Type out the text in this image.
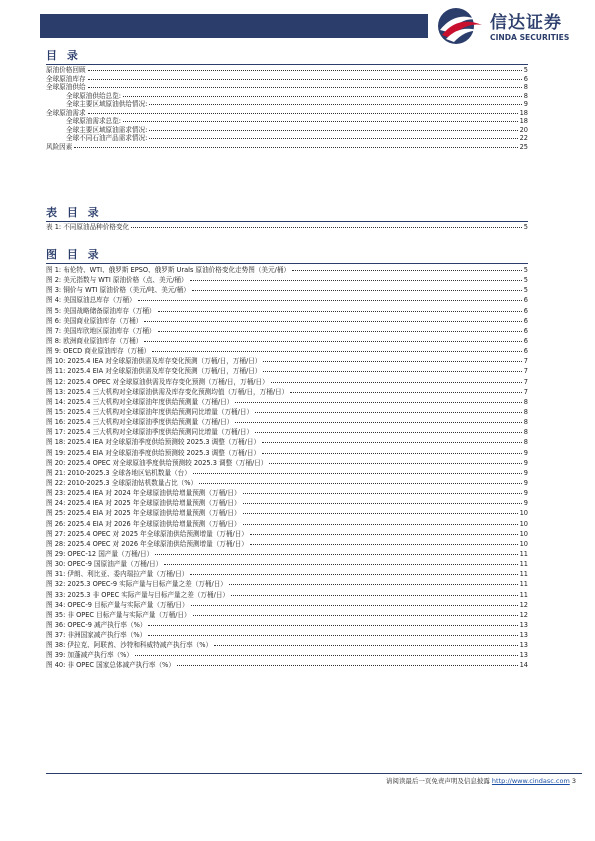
信达证券
CINDA SECURITIES
目 录
原油价格回顾	5
全球原油库存	6
全球原油供给	8
全球原油供给总览:	8
全球主要区域原油供给情况:	9
全球原油需求	18
全球原油需求总览:	18
全球主要区域原油需求情况:	20
全球不同石油产品需求情况:	22
风险因素	25
表 目 录
表 1: 不同原油品种价格变化	5
图 目 录
图 1: 布伦特、WTI、俄罗斯 EPSO、俄罗斯 Urals 原油价格变化走势图（美元/桶）	5
图 2: 美元指数与 WTI 原油价格（点、美元/桶）	5
图 3: 铜价与 WTI 原油价格（美元/吨、美元/桶）	5
图 4: 美国原油总库存（万桶）	6
图 5: 美国战略储备原油库存（万桶）	6
图 6: 美国商业原油库存（万桶）	6
图 7: 美国库欣地区原油库存（万桶）	6
图 8: 欧洲商业原油库存（万桶）	6
图 9: OECD 商业原油库存（万桶）	6
图 10: 2025.4 IEA 对全球原油供需及库存变化预测（万桶/日，万桶/日）	7
图 11: 2025.4 EIA 对全球原油供需及库存变化预测（万桶/日，万桶/日）	7
图 12: 2025.4 OPEC 对全球原油供需及库存变化预测（万桶/日，万桶/日）	7
图 13: 2025.4 三大机构对全球原油供需及库存变化预测均值（万桶/日，万桶/日）	7
图 14: 2025.4 三大机构对全球原油年度供给预测量（万桶/日）	8
图 15: 2025.4 三大机构对全球原油年度供给预测同比增量（万桶/日）	8
图 16: 2025.4 三大机构对全球原油季度供给预测量（万桶/日）	8
图 17: 2025.4 三大机构对全球原油季度供给预测同比增量（万桶/日）	8
图 18: 2025.4 IEA 对全球原油季度供给预测较 2025.3 调整（万桶/日）	8
图 19: 2025.4 EIA 对全球原油季度供给预测较 2025.3 调整（万桶/日）	9
图 20: 2025.4 OPEC 对全球原油季度供给预测较 2025.3 调整（万桶/日）	9
图 21: 2010-2025.3 全球各地区钻机数量（台）	9
图 22: 2010-2025.3 全球原油钻机数量占比（%）	9
图 23: 2025.4 IEA 对 2024 年全球原油供给增量预测（万桶/日）	9
图 24: 2025.4 IEA 对 2025 年全球原油供给增量预测（万桶/日）	9
图 25: 2025.4 EIA 对 2025 年全球原油供给增量预测（万桶/日）	10
图 26: 2025.4 EIA 对 2026 年全球原油供给增量预测（万桶/日）	10
图 27: 2025.4 OPEC 对 2025 年全球原油供给预测增量（万桶/日）	10
图 28: 2025.4 OPEC 对 2026 年全球原油供给预测增量（万桶/日）	10
图 29: OPEC-12 国产量（万桶/日）	11
图 30: OPEC-9 国原油产量（万桶/日）	11
图 31: 伊朗、利比亚、委内瑞拉产量（万桶/日）	11
图 32: 2025.3 OPEC-9 实际产量与目标产量之差（万桶/日）	11
图 33: 2025.3 非 OPEC 实际产量与目标产量之差（万桶/日）	11
图 34: OPEC-9 目标产量与实际产量（万桶/日）	12
图 35: 非 OPEC 目标产量与实际产量（万桶/日）	12
图 36: OPEC-9 减产执行率（%）	13
图 37: 非洲国家减产执行率（%）	13
图 38: 伊拉克、阿联酋、沙特和科威特减产执行率（%）	13
图 39: 加蓬减产执行率（%）	13
图 40: 非 OPEC 国家总体减产执行率（%）	14
请阅读最后一页免责声明及信息披露 http://www.cindasc.com 3
